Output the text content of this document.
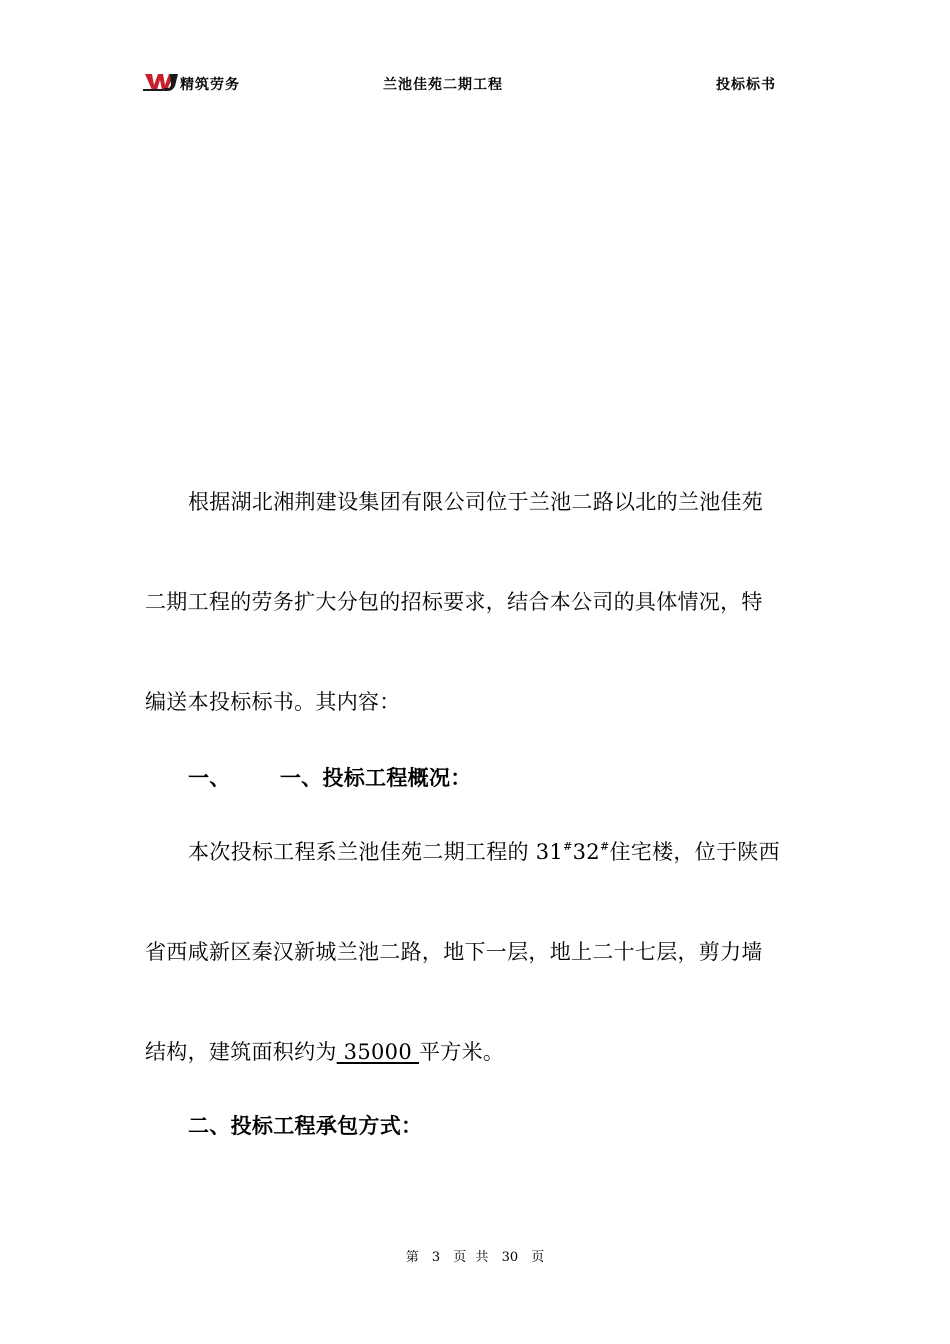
精筑劳务	兰池佳苑二期工程	投标标书
根据湖北湘荆建设集团有限公司位于兰池二路以北的兰池佳苑
二期工程的劳务扩大分包的招标要求，结合本公司的具体情况，特
编送本投标标书。其内容：
一、 一、投标工程概况：
本次投标工程系兰池佳苑二期工程的 31#32#住宅楼，位于陕西
省西咸新区秦汉新城兰池二路，地下一层，地上二十七层，剪力墙
结构，建筑面积约为 35000 平方米。
二、投标工程承包方式：
第 3 页 共 30 页
